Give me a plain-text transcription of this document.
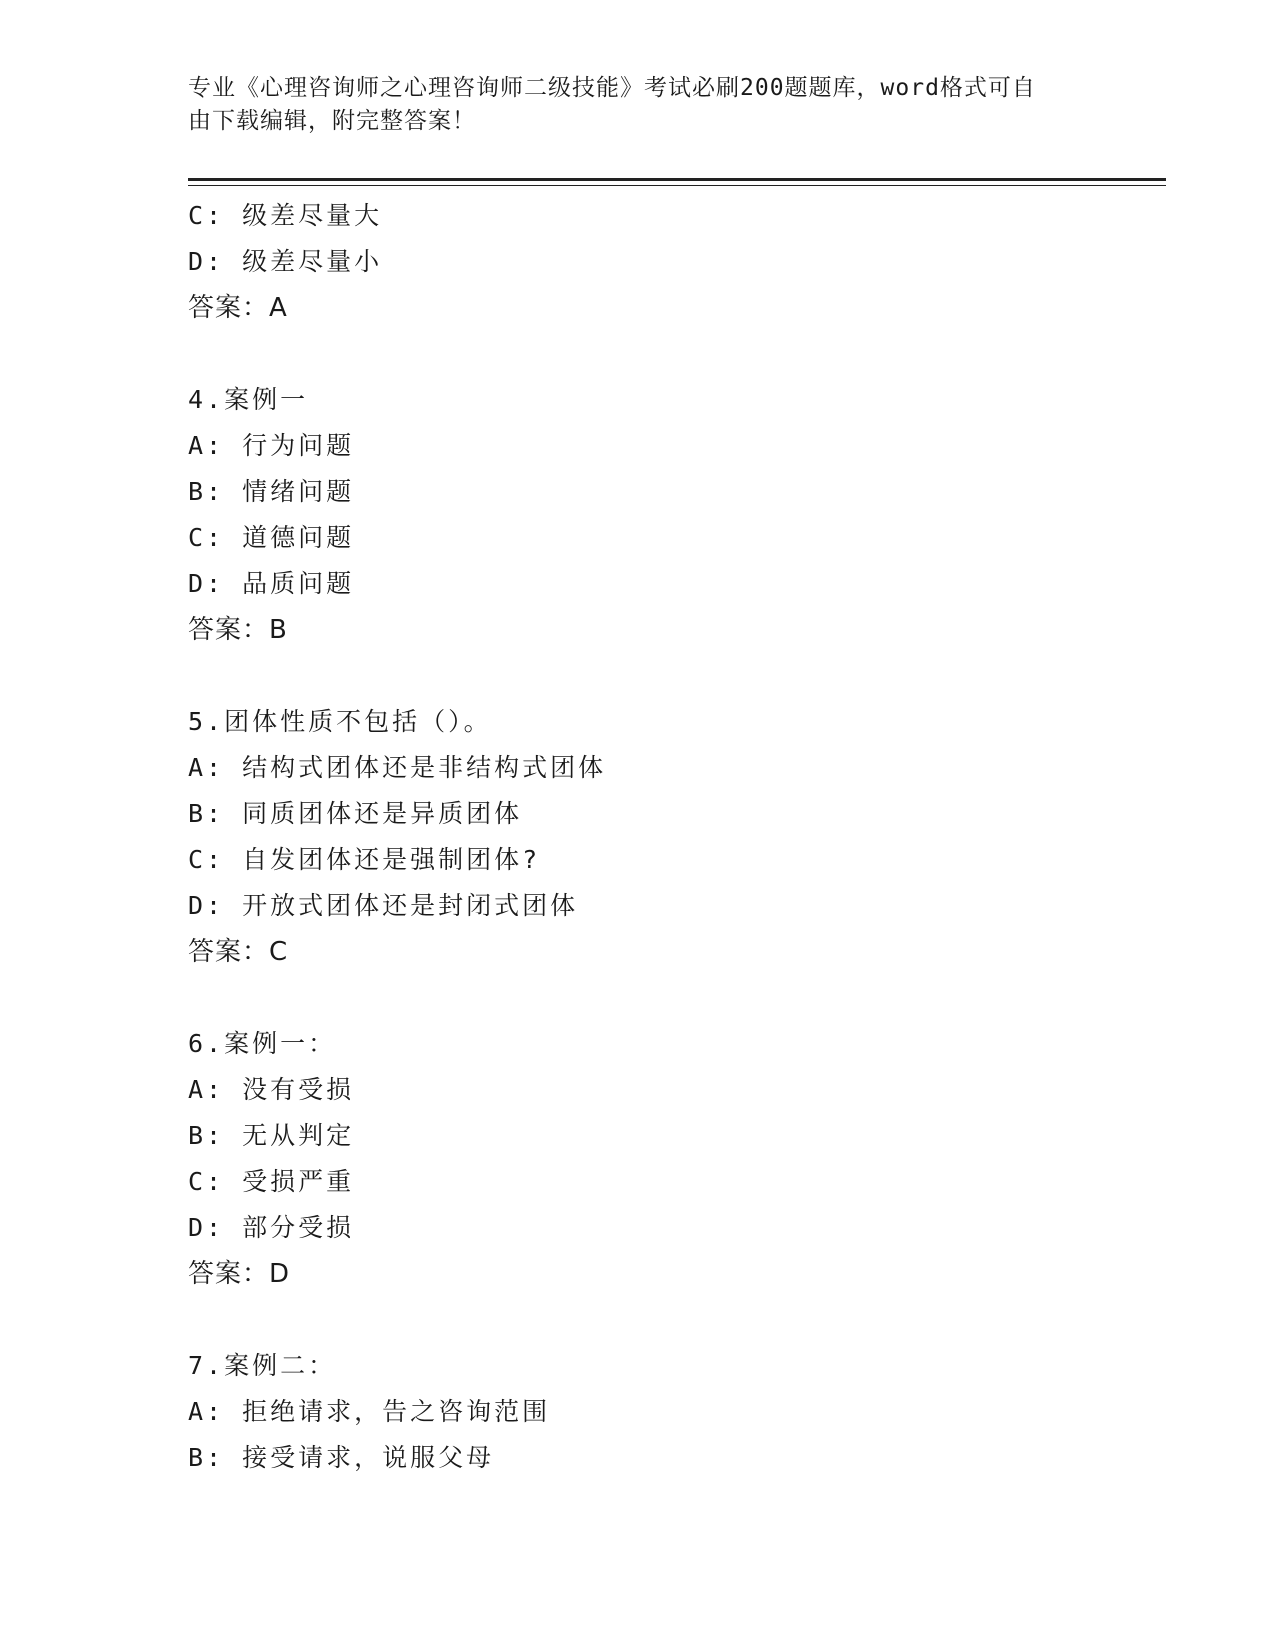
专业《心理咨询师之心理咨询师二级技能》考试必刷200题题库，word格式可自
由下载编辑，附完整答案！
C: 级差尽量大
D: 级差尽量小
答案：A
4.案例一
A: 行为问题
B: 情绪问题
C: 道德问题
D: 品质问题
答案：B
5.团体性质不包括（）。
A: 结构式团体还是非结构式团体
B: 同质团体还是异质团体
C: 自发团体还是强制团体?
D: 开放式团体还是封闭式团体
答案：C
6.案例一：
A: 没有受损
B: 无从判定
C: 受损严重
D: 部分受损
答案：D
7.案例二：
A: 拒绝请求，告之咨询范围
B: 接受请求，说服父母
